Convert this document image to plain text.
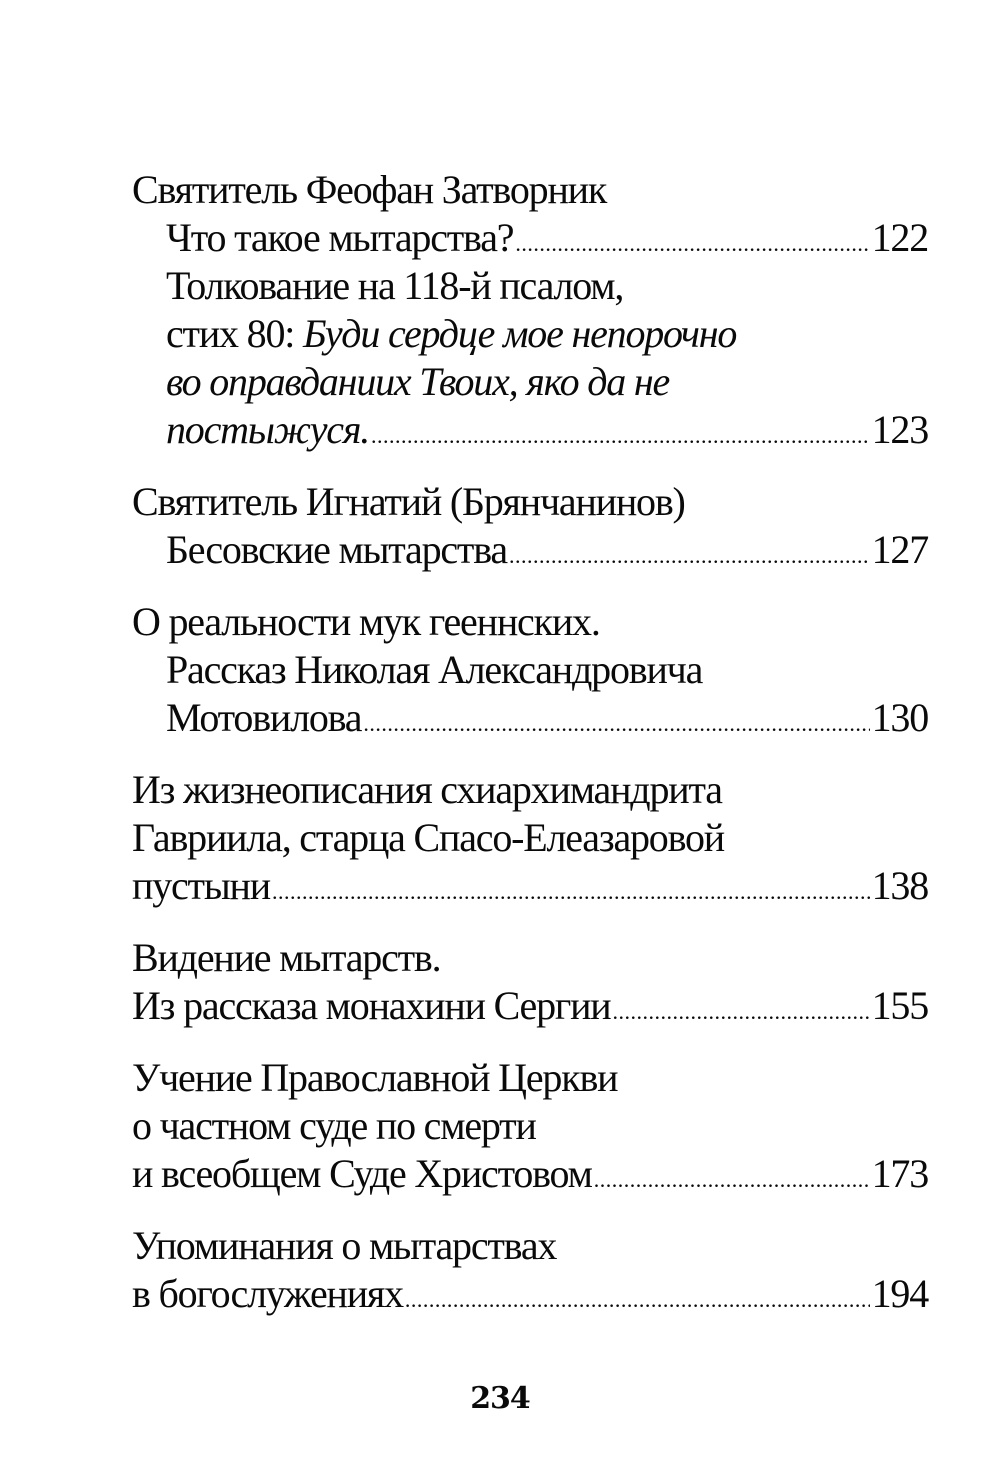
Святитель Феофан Затворник
Что такое мытарства? .....	122
Толкование на 118-й псалом,
стих 80: Буди сердце мое непорочно
во оправданиих Твоих, яко да не
постыжуся. .....	123
Святитель Игнатий (Брянчанинов)
Бесовские мытарства .....	127
О реальности мук гееннских.
Рассказ Николая Александровича
Мотовилова .....	130
Из жизнеописания схиархимандрита
Гавриила, старца Спасо-Елеазаровой
пустыни .....	138
Видение мытарств.
Из рассказа монахини Сергии .....	155
Учение Православной Церкви
о частном суде по смерти
и всеобщем Суде Христовом .....	173
Упоминания о мытарствах
в богослужениях .....	194
234
